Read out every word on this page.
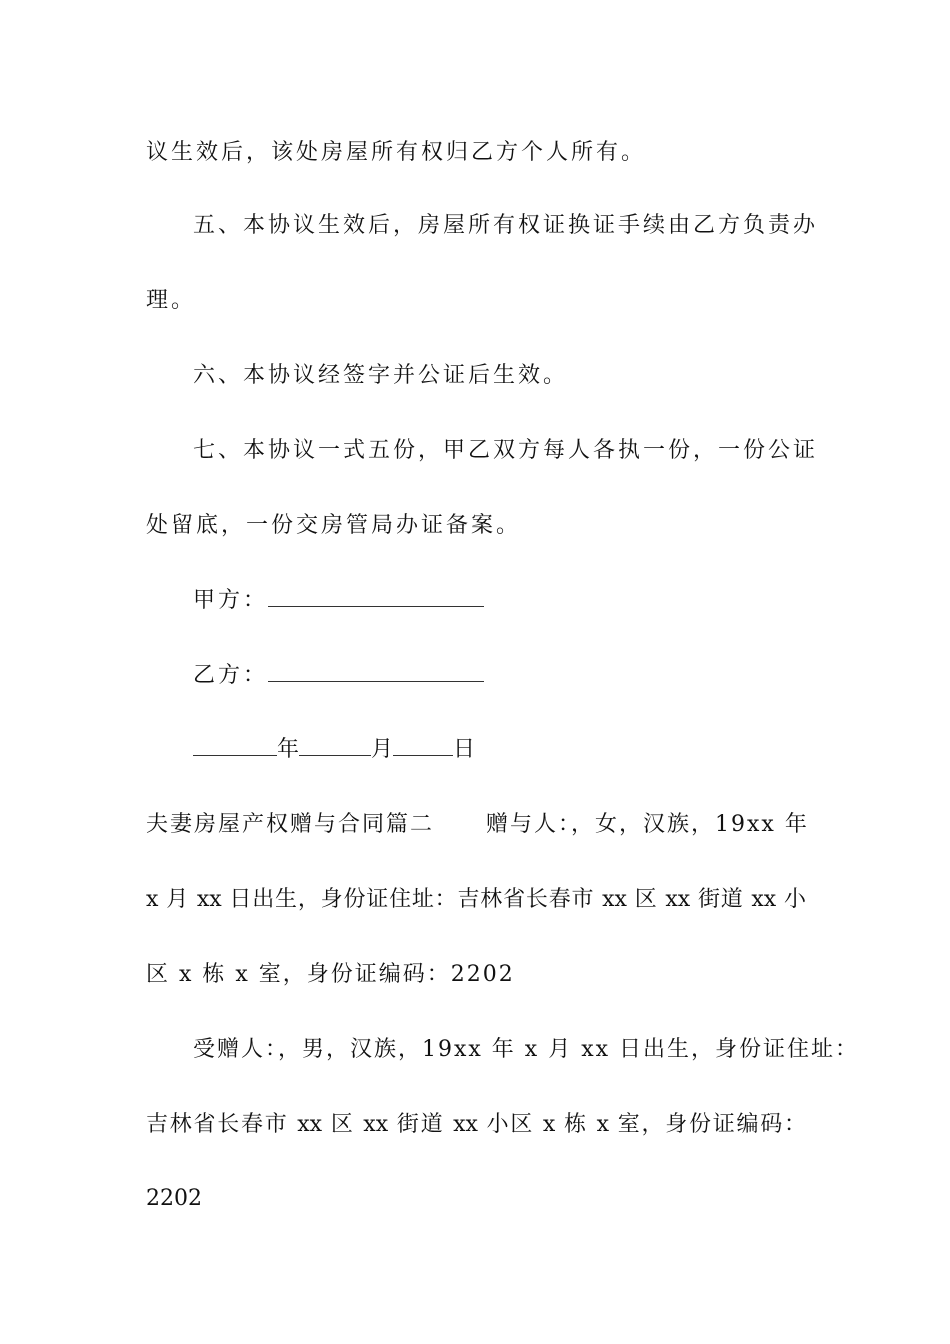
议生效后，该处房屋所有权归乙方个人所有。
五、本协议生效后，房屋所有权证换证手续由乙方负责办
理。
六、本协议经签字并公证后生效。
七、本协议一式五份，甲乙双方每人各执一份，一份公证
处留底，一份交房管局办证备案。
甲方：
乙方：
年	月	日
夫妻房屋产权赠与合同篇二 赠与人：，女，汉族，19xx 年
x 月 xx 日出生，身份证住址：吉林省长春市 xx 区 xx 街道 xx 小
区 x 栋 x 室，身份证编码：2202
受赠人：，男，汉族，19xx 年 x 月 xx 日出生，身份证住址：
吉林省长春市 xx 区 xx 街道 xx 小区 x 栋 x 室，身份证编码：
2202
